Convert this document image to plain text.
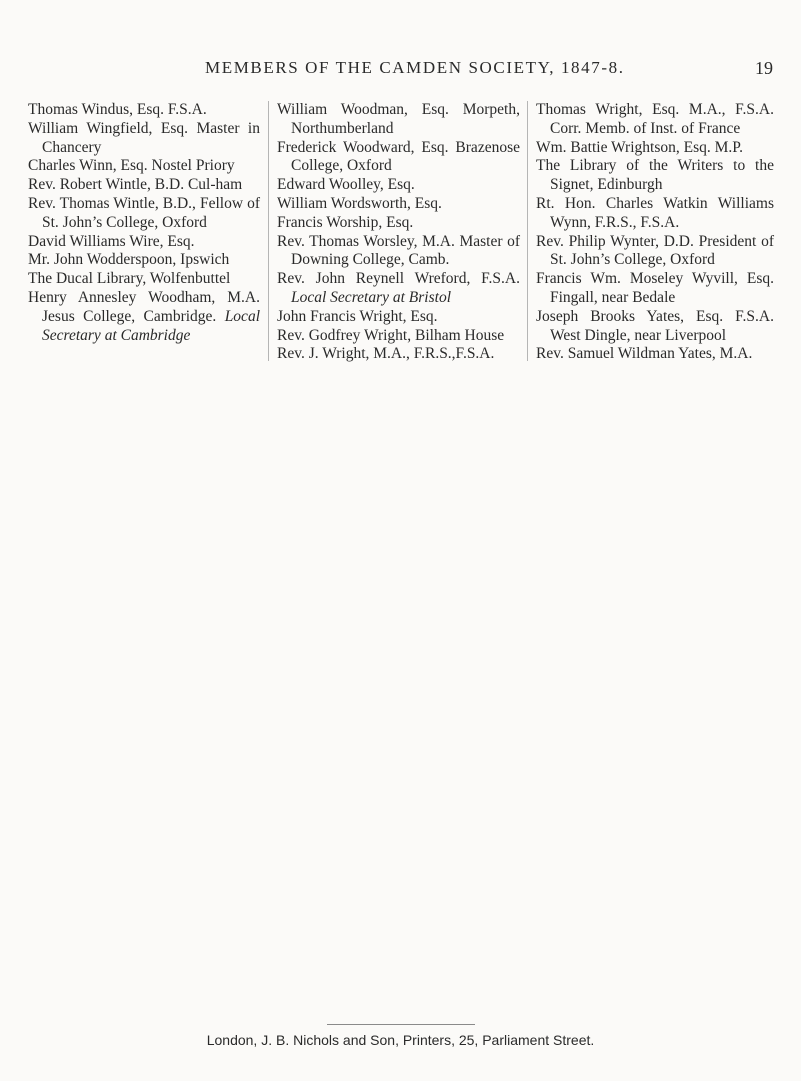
MEMBERS OF THE CAMDEN SOCIETY, 1847-8.	19
Thomas Windus, Esq. F.S.A.
William Wingfield, Esq. Master in Chancery
Charles Winn, Esq. Nostel Priory
Rev. Robert Wintle, B.D. Cul-ham
Rev. Thomas Wintle, B.D., Fellow of St. John’s College, Oxford
David Williams Wire, Esq.
Mr. John Wodderspoon, Ipswich
The Ducal Library, Wolfenbuttel
Henry Annesley Woodham, M.A. Jesus College, Cambridge. Local Secretary at Cambridge
William Woodman, Esq. Morpeth, Northumberland
Frederick Woodward, Esq. Brazenose College, Oxford
Edward Woolley, Esq.
William Wordsworth, Esq.
Francis Worship, Esq.
Rev. Thomas Worsley, M.A. Master of Downing College, Camb.
Rev. John Reynell Wreford, F.S.A. Local Secretary at Bristol
John Francis Wright, Esq.
Rev. Godfrey Wright, Bilham House
Rev. J. Wright, M.A., F.R.S.,F.S.A.
Thomas Wright, Esq. M.A., F.S.A. Corr. Memb. of Inst. of France
Wm. Battie Wrightson, Esq. M.P.
The Library of the Writers to the Signet, Edinburgh
Rt. Hon. Charles Watkin Williams Wynn, F.R.S., F.S.A.
Rev. Philip Wynter, D.D. President of St. John’s College, Oxford
Francis Wm. Moseley Wyvill, Esq. Fingall, near Bedale
Joseph Brooks Yates, Esq. F.S.A. West Dingle, near Liverpool
Rev. Samuel Wildman Yates, M.A.
London, J. B. Nichols and Son, Printers, 25, Parliament Street.
